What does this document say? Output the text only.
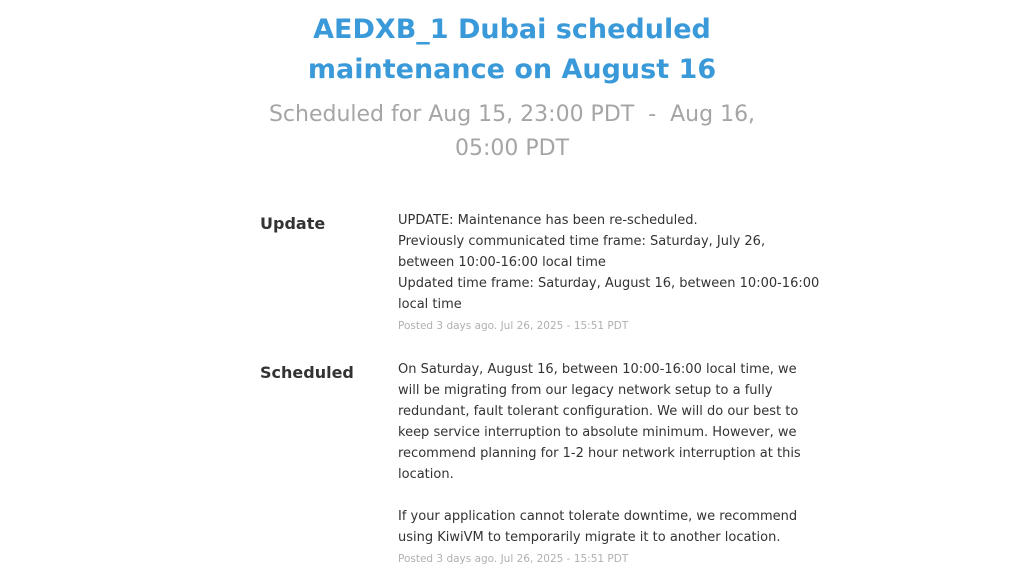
AEDXB_1 Dubai scheduled
maintenance on August 16

Scheduled for Aug 15, 23:00 PDT  -  Aug 16,
05:00 PDT

Update	UPDATE: Maintenance has been re-scheduled.
Previously communicated time frame: Saturday, July 26,
between 10:00-16:00 local time
Updated time frame: Saturday, August 16, between 10:00-16:00
local time

Posted 3 days ago. Jul 26, 2025 - 15:51 PDT
Scheduled	On Saturday, August 16, between 10:00-16:00 local time, we
will be migrating from our legacy network setup to a fully
redundant, fault tolerant configuration. We will do our best to
keep service interruption to absolute minimum. However, we
recommend planning for 1-2 hour network interruption at this
location.

If your application cannot tolerate downtime, we recommend
using KiwiVM to temporarily migrate it to another location.

Posted 3 days ago. Jul 26, 2025 - 15:51 PDT
